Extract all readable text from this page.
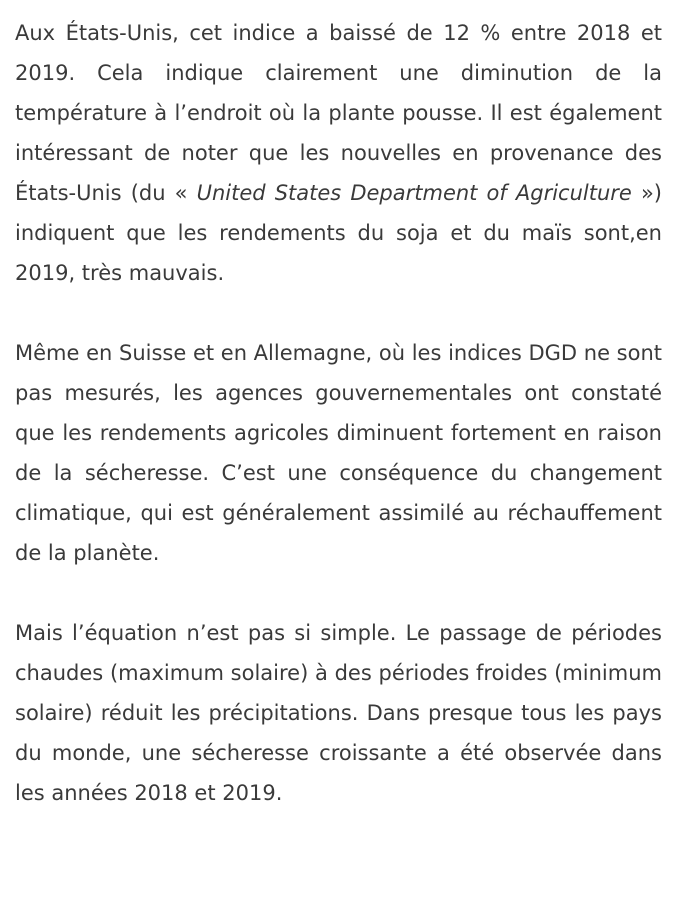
Aux États-Unis, cet indice a baissé de 12 % entre 2018 et 2019. Cela indique clairement une diminution de la température à l’endroit où la plante pousse. Il est également intéressant de noter que les nouvelles en provenance des États-Unis (du « United States Department of Agriculture ») indiquent que les rendements du soja et du maïs sont,en 2019, très mauvais.

Même en Suisse et en Allemagne, où les indices DGD ne sont pas mesurés, les agences gouvernementales ont constaté que les rendements agricoles diminuent fortement en raison de la sécheresse. C’est une conséquence du changement climatique, qui est généralement assimilé au réchauffement de la planète.

Mais l’équation n’est pas si simple. Le passage de périodes chaudes (maximum solaire) à des périodes froides (minimum solaire) réduit les précipitations. Dans presque tous les pays du monde, une sécheresse croissante a été observée dans les années 2018 et 2019.
